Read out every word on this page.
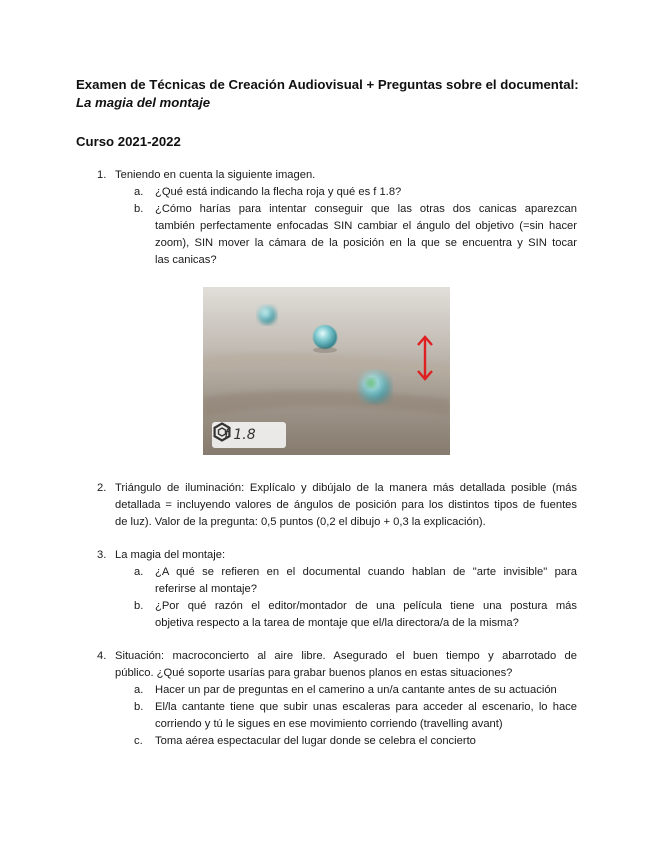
Examen de Técnicas de Creación Audiovisual + Preguntas sobre el documental:
La magia del montaje
Curso 2021-2022
1. Teniendo en cuenta la siguiente imagen.
a. ¿Qué está indicando la flecha roja y qué es f 1.8?
b. ¿Cómo harías para intentar conseguir que las otras dos canicas aparezcan
también perfectamente enfocadas SIN cambiar el ángulo del objetivo (=sin hacer
zoom), SIN mover la cámara de la posición en la que se encuentra y SIN tocar
las canicas?
f 1.8
2. Triángulo de iluminación: Explícalo y dibújalo de la manera más detallada posible (más
detallada = incluyendo valores de ángulos de posición para los distintos tipos de fuentes
de luz). Valor de la pregunta: 0,5 puntos (0,2 el dibujo + 0,3 la explicación).
3. La magia del montaje:
a. ¿A qué se refieren en el documental cuando hablan de "arte invisible" para
referirse al montaje?
b. ¿Por qué razón el editor/montador de una película tiene una postura más
objetiva respecto a la tarea de montaje que el/la directora/a de la misma?
4. Situación: macroconcierto al aire libre. Asegurado el buen tiempo y abarrotado de
público. ¿Qué soporte usarías para grabar buenos planos en estas situaciones?
a. Hacer un par de preguntas en el camerino a un/a cantante antes de su actuación
b. El/la cantante tiene que subir unas escaleras para acceder al escenario, lo hace
corriendo y tú le sigues en ese movimiento corriendo (travelling avant)
c. Toma aérea espectacular del lugar donde se celebra el concierto
